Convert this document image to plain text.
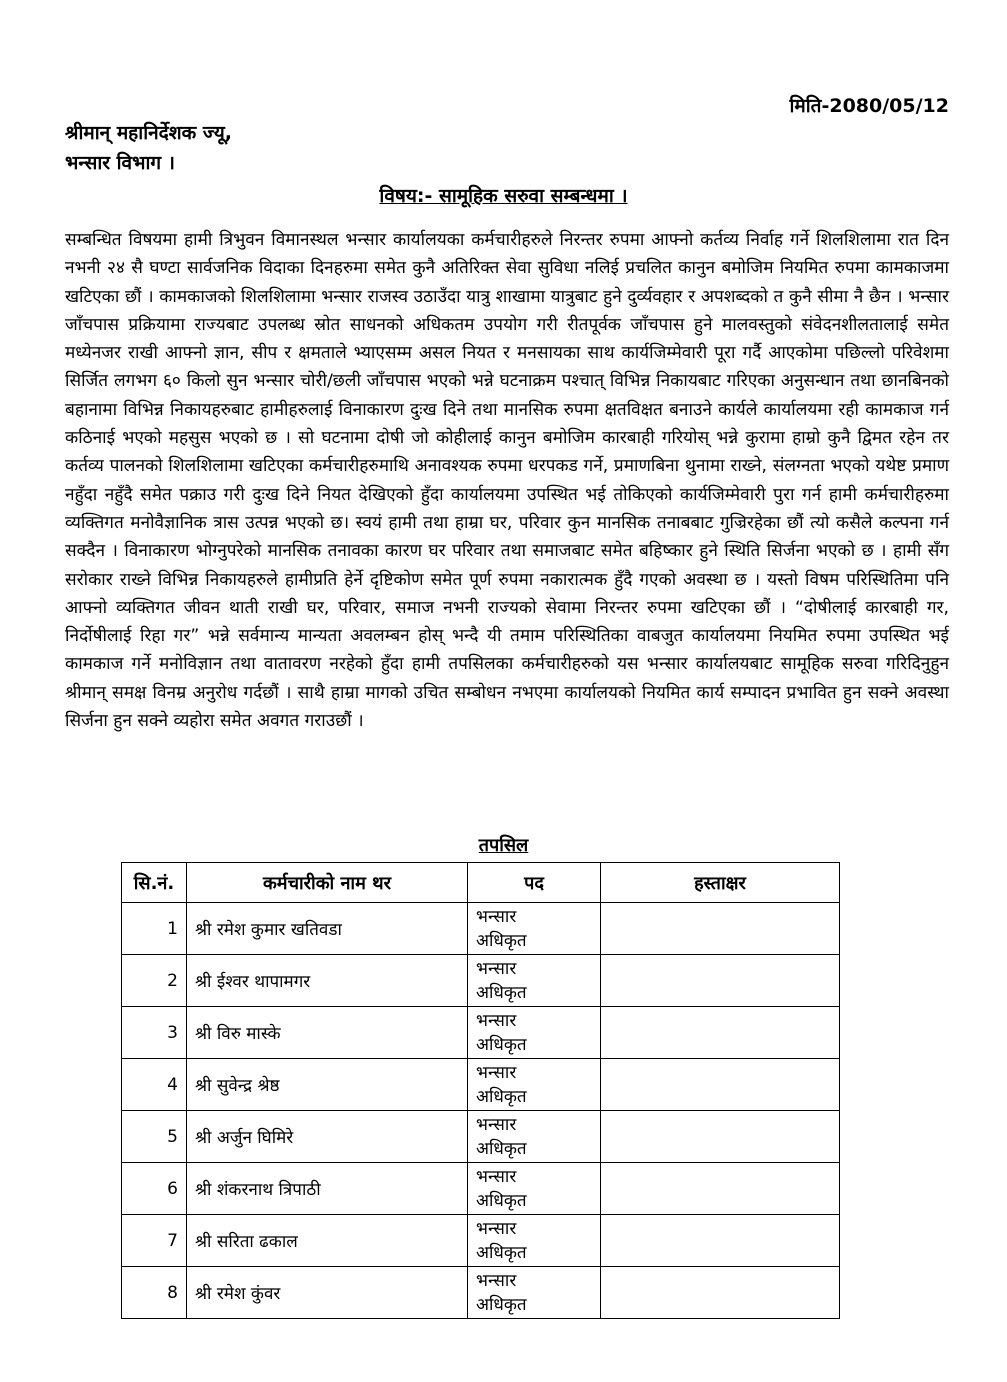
मिति-2080/05/12
श्रीमान् महानिर्देशक ज्यू,
भन्सार विभाग ।
विषय:- सामूहिक सरुवा सम्बन्धमा ।
सम्बन्धित विषयमा हामी त्रिभुवन विमानस्थल भन्सार कार्यालयका कर्मचारीहरुले निरन्तर रुपमा आफ्नो कर्तव्य निर्वाह गर्ने शिलशिलामा रात दिन नभनी २४ सै घण्टा सार्वजनिक विदाका दिनहरुमा समेत कुनै अतिरिक्त सेवा सुविधा नलिई प्रचलित कानुन बमोजिम नियमित रुपमा कामकाजमा खटिएका छौं । कामकाजको शिलशिलामा भन्सार राजस्व उठाउँदा यात्रु शाखामा यात्रुबाट हुने दुर्व्यवहार र अपशब्दको त कुनै सीमा नै छैन । भन्सार जाँचपास प्रक्रियामा राज्यबाट उपलब्ध स्रोत साधनको अधिकतम उपयोग गरी रीतपूर्वक जाँचपास हुने मालवस्तुको संवेदनशीलतालाई समेत मध्येनजर राखी आफ्नो ज्ञान, सीप र क्षमताले भ्याएसम्म असल नियत र मनसायका साथ कार्यजिम्मेवारी पूरा गर्दै आएकोमा पछिल्लो परिवेशमा सिर्जित लगभग ६० किलो सुन भन्सार चोरी/छली जाँचपास भएको भन्ने घटनाक्रम पश्चात् विभिन्न निकायबाट गरिएका अनुसन्धान तथा छानबिनको बहानामा विभिन्न निकायहरुबाट हामीहरुलाई विनाकारण दुःख दिने तथा मानसिक रुपमा क्षतविक्षत बनाउने कार्यले कार्यालयमा रही कामकाज गर्न कठिनाई भएको महसुस भएको छ । सो घटनामा दोषी जो कोहीलाई कानुन बमोजिम कारबाही गरियोस् भन्ने कुरामा हाम्रो कुनै द्विमत रहेन तर कर्तव्य पालनको शिलशिलामा खटिएका कर्मचारीहरुमाथि अनावश्यक रुपमा धरपकड गर्ने, प्रमाणबिना थुनामा राख्ने, संलग्नता भएको यथेष्ट प्रमाण नहुँदा नहुँदै समेत पक्राउ गरी दुःख दिने नियत देखिएको हुँदा कार्यालयमा उपस्थित भई तोकिएको कार्यजिम्मेवारी पुरा गर्न हामी कर्मचारीहरुमा व्यक्तिगत मनोवैज्ञानिक त्रास उत्पन्न भएको छ। स्वयं हामी तथा हाम्रा घर, परिवार कुन मानसिक तनाबबाट गुज्रिरहेका छौं त्यो कसैले कल्पना गर्न सक्दैन । विनाकारण भोग्नुपरेको मानसिक तनावका कारण घर परिवार तथा समाजबाट समेत बहिष्कार हुने स्थिति सिर्जना भएको छ । हामी सँग सरोकार राख्ने विभिन्न निकायहरुले हामीप्रति हेर्ने दृष्टिकोण समेत पूर्ण रुपमा नकारात्मक हुँदै गएको अवस्था छ । यस्तो विषम परिस्थितिमा पनि आफ्नो व्यक्तिगत जीवन थाती राखी घर, परिवार, समाज नभनी राज्यको सेवामा निरन्तर रुपमा खटिएका छौं । “दोषीलाई कारबाही गर, निर्दोषीलाई रिहा गर” भन्ने सर्वमान्य मान्यता अवलम्बन होस् भन्दै यी तमाम परिस्थितिका वाबजुत कार्यालयमा नियमित रुपमा उपस्थित भई कामकाज गर्ने मनोविज्ञान तथा वातावरण नरहेको हुँदा हामी तपसिलका कर्मचारीहरुको यस भन्सार कार्यालयबाट सामूहिक सरुवा गरिदिनुहुन श्रीमान् समक्ष विनम्र अनुरोध गर्दछौं । साथै हाम्रा मागको उचित सम्बोधन नभएमा कार्यालयको नियमित कार्य सम्पादन प्रभावित हुन सक्ने अवस्था सिर्जना हुन सक्ने व्यहोरा समेत अवगत गराउछौं ।
तपसिल
सि.नं.	कर्मचारीको नाम थर	पद	हस्ताक्षर
1	श्री रमेश कुमार खतिवडा	भन्सार
अधिकृत	

2	श्री ईश्वर थापामगर	भन्सार
अधिकृत	

3	श्री विरु मास्के	भन्सार
अधिकृत	

4	श्री सुवेन्द्र श्रेष्ठ	भन्सार
अधिकृत	

5	श्री अर्जुन घिमिरे	भन्सार
अधिकृत	

6	श्री शंकरनाथ त्रिपाठी	भन्सार
अधिकृत	

7	श्री सरिता ढकाल	भन्सार
अधिकृत	

8	श्री रमेश कुंवर	भन्सार
अधिकृत	
